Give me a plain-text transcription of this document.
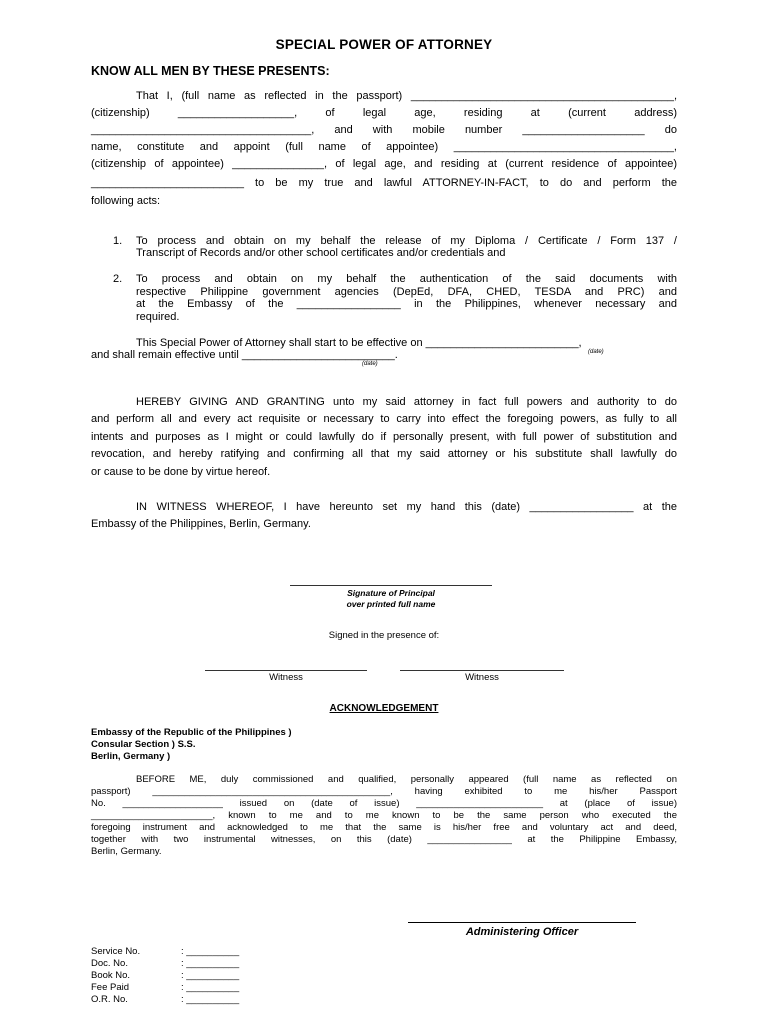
SPECIAL POWER OF ATTORNEY
KNOW ALL MEN BY THESE PRESENTS:
That I, (full name as reflected in the passport) ___________________________________________,
(citizenship) ___________________, of legal age, residing at (current address)
____________________________________, and with mobile number ____________________ do
name, constitute and appoint (full name of appointee) ____________________________________,
(citizenship of appointee) _______________, of legal age, and residing at (current residence of appointee)
_________________________ to be my true and lawful ATTORNEY-IN-FACT, to do and perform the
following acts:
1. To process and obtain on my behalf the release of my Diploma / Certificate / Form 137 /
Transcript of Records and/or other school certificates and/or credentials and
2. To process and obtain on my behalf the authentication of the said documents with
respective Philippine government agencies (DepEd, DFA, CHED, TESDA and PRC) and
at the Embassy of the _________________ in the Philippines, whenever necessary and
required.
This Special Power of Attorney shall start to be effective on _________________________,
(date)
and shall remain effective until _________________________.
(date)
HEREBY GIVING AND GRANTING unto my said attorney in fact full powers and authority to do
and perform all and every act requisite or necessary to carry into effect the foregoing powers, as fully to all
intents and purposes as I might or could lawfully do if personally present, with full power of substitution and
revocation, and hereby ratifying and confirming all that my said attorney or his substitute shall lawfully do
or cause to be done by virtue hereof.
IN WITNESS WHEREOF, I have hereunto set my hand this (date) _________________ at the
Embassy of the Philippines, Berlin, Germany.
Signature of Principal
over printed full name
Signed in the presence of:
Witness	Witness
ACKNOWLEDGEMENT
Embassy of the Republic of the Philippines )
Consular Section ) S.S.
Berlin, Germany )
BEFORE ME, duly commissioned and qualified, personally appeared (full name as reflected on
passport) _____________________________________________, having exhibited to me his/her Passport
No. ___________________ issued on (date of issue) ________________________ at (place of issue)
_______________________, known to me and to me known to be the same person who executed the
foregoing instrument and acknowledged to me that the same is his/her free and voluntary act and deed,
together with two instrumental witnesses, on this (date) ________________ at the Philippine Embassy,
Berlin, Germany.
Administering Officer
Service No.	: __________
Doc. No.	: __________
Book No.	: __________
Fee Paid	: __________
O.R. No.	: __________
